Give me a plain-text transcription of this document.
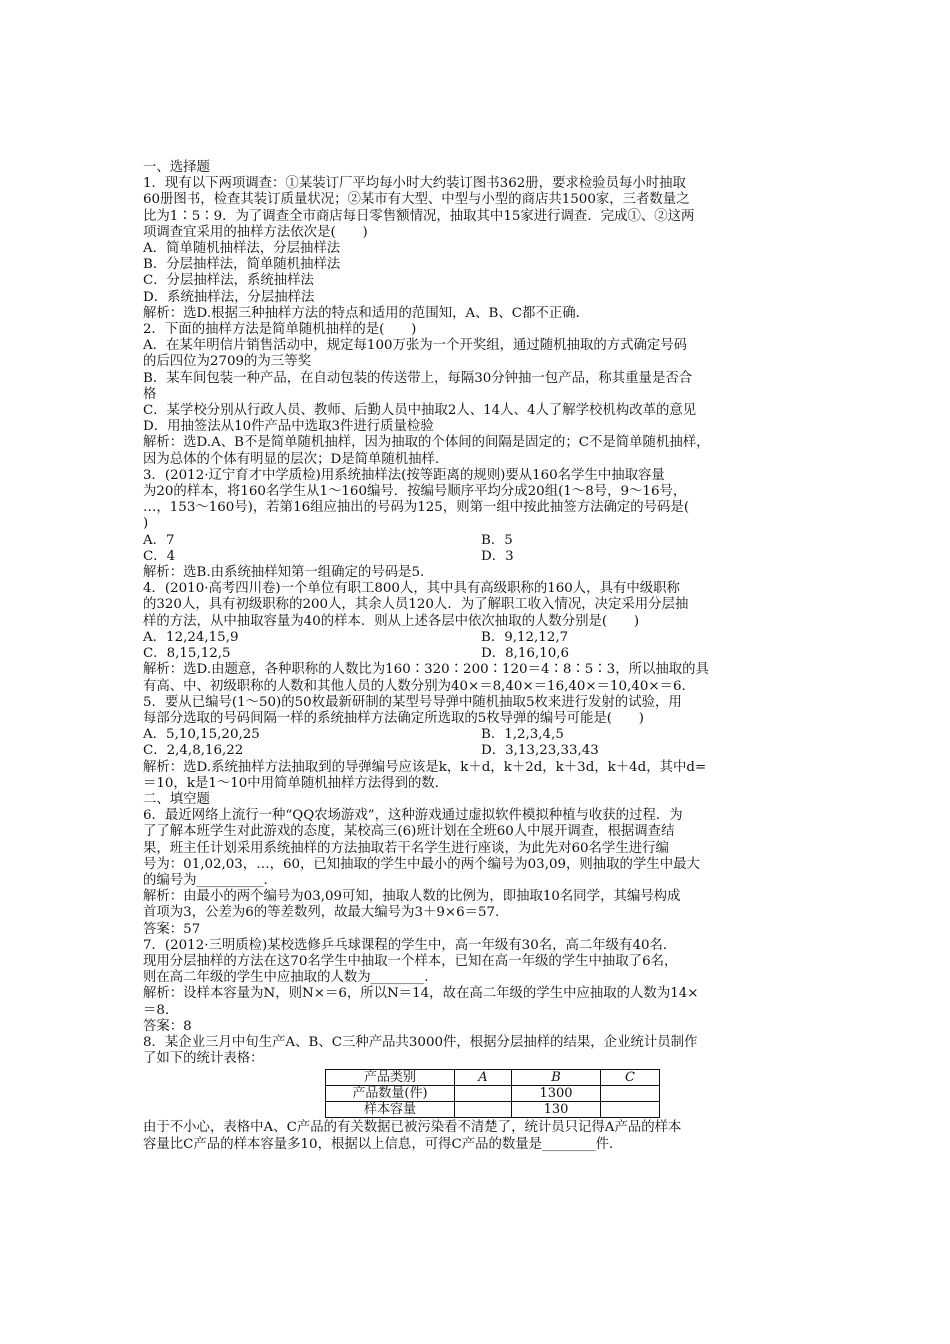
一、选择题
1．现有以下两项调查：①某装订厂平均每小时大约装订图书362册，要求检验员每小时抽取
60册图书，检查其装订质量状况；②某市有大型、中型与小型的商店共1500家，三者数量之
比为1∶5∶9．为了调查全市商店每日零售额情况，抽取其中15家进行调查．完成①、②这两
项调查宜采用的抽样方法依次是(　　)
A．简单随机抽样法，分层抽样法
B．分层抽样法，简单随机抽样法
C．分层抽样法，系统抽样法
D．系统抽样法，分层抽样法
解析：选D.根据三种抽样方法的特点和适用的范围知，A、B、C都不正确．
2．下面的抽样方法是简单随机抽样的是(　　)
A．在某年明信片销售活动中，规定每100万张为一个开奖组，通过随机抽取的方式确定号码
的后四位为2709的为三等奖
B．某车间包装一种产品，在自动包装的传送带上，每隔30分钟抽一包产品，称其重量是否合
格
C．某学校分别从行政人员、教师、后勤人员中抽取2人、14人、4人了解学校机构改革的意见
D．用抽签法从10件产品中选取3件进行质量检验
解析：选D.A、B不是简单随机抽样，因为抽取的个体间的间隔是固定的；C不是简单随机抽样，
因为总体的个体有明显的层次；D是简单随机抽样．
3．(2012·辽宁育才中学质检)用系统抽样法(按等距离的规则)要从160名学生中抽取容量
为20的样本，将160名学生从1～160编号．按编号顺序平均分成20组(1～8号，9～16号，
…，153～160号)，若第16组应抽出的号码为125，则第一组中按此抽签方法确定的号码是(
)
A．7	B．5
C．4	D．3
解析：选B.由系统抽样知第一组确定的号码是5.
4．(2010·高考四川卷)一个单位有职工800人，其中具有高级职称的160人，具有中级职称
的320人，具有初级职称的200人，其余人员120人．为了解职工收入情况，决定采用分层抽
样的方法，从中抽取容量为40的样本．则从上述各层中依次抽取的人数分别是(　　)
A．12,24,15,9	B．9,12,12,7
C．8,15,12,5	D．8,16,10,6
解析：选D.由题意，各种职称的人数比为160∶320∶200∶120＝4∶8∶5∶3，所以抽取的具
有高、中、初级职称的人数和其他人员的人数分别为40×＝8,40×＝16,40×＝10,40×＝6.
5．要从已编号(1～50)的50枚最新研制的某型号导弹中随机抽取5枚来进行发射的试验，用
每部分选取的号码间隔一样的系统抽样方法确定所选取的5枚导弹的编号可能是(　　)
A．5,10,15,20,25	B．1,2,3,4,5
C．2,4,8,16,22	D．3,13,23,33,43
解析：选D.系统抽样方法抽取到的导弹编号应该是k，k＋d，k＋2d，k＋3d，k＋4d，其中d=
＝10，k是1～10中用简单随机抽样方法得到的数．
二、填空题
6．最近网络上流行一种“QQ农场游戏”，这种游戏通过虚拟软件模拟种植与收获的过程．为
了了解本班学生对此游戏的态度，某校高三(6)班计划在全班60人中展开调查，根据调查结
果，班主任计划采用系统抽样的方法抽取若干名学生进行座谈，为此先对60名学生进行编
号为：01,02,03，…，60，已知抽取的学生中最小的两个编号为03,09，则抽取的学生中最大
的编号为__________.
解析：由最小的两个编号为03,09可知，抽取人数的比例为，即抽取10名同学，其编号构成
首项为3，公差为6的等差数列，故最大编号为3＋9×6＝57.
答案：57
7．(2012·三明质检)某校选修乒乓球课程的学生中，高一年级有30名，高二年级有40名．
现用分层抽样的方法在这70名学生中抽取一个样本，已知在高一年级的学生中抽取了6名，
则在高二年级的学生中应抽取的人数为________.
解析：设样本容量为N，则N×＝6，所以N＝14，故在高二年级的学生中应抽取的人数为14×
＝8.
答案：8
8．某企业三月中旬生产A、B、C三种产品共3000件，根据分层抽样的结果，企业统计员制作
了如下的统计表格：
产品类别	A	B	C
产品数量(件)		1300	
样本容量		130	
由于不小心，表格中A、C产品的有关数据已被污染看不清楚了，统计员只记得A产品的样本
容量比C产品的样本容量多10，根据以上信息，可得C产品的数量是________件．
